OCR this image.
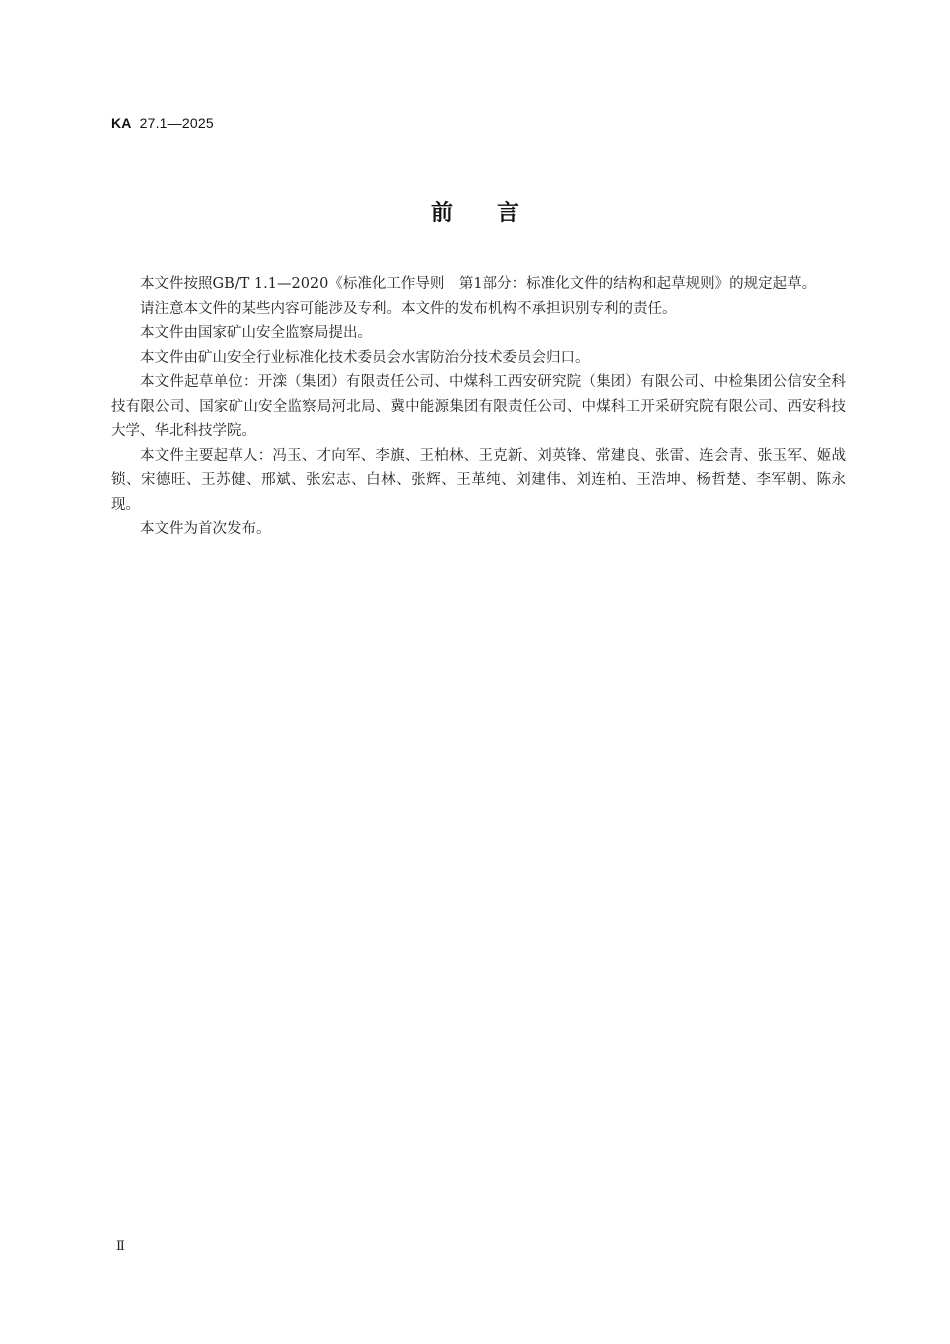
KA 27.1—2025
前言

本文件按照GB/T 1.1—2020《标准化工作导则　第1部分：标准化文件的结构和起草规则》的规定起草。

请注意本文件的某些内容可能涉及专利。本文件的发布机构不承担识别专利的责任。

本文件由国家矿山安全监察局提出。

本文件由矿山安全行业标准化技术委员会水害防治分技术委员会归口。

本文件起草单位：开滦（集团）有限责任公司、中煤科工西安研究院（集团）有限公司、中检集团公信安全科技有限公司、国家矿山安全监察局河北局、冀中能源集团有限责任公司、中煤科工开采研究院有限公司、西安科技大学、华北科技学院。

本文件主要起草人：冯玉、才向军、李旗、王柏林、王克新、刘英锋、常建良、张雷、连会青、张玉军、姬战锁、宋德旺、王苏健、邢斌、张宏志、白林、张辉、王革纯、刘建伟、刘连柏、王浩坤、杨哲楚、李军朝、陈永现。

本文件为首次发布。

Ⅱ
